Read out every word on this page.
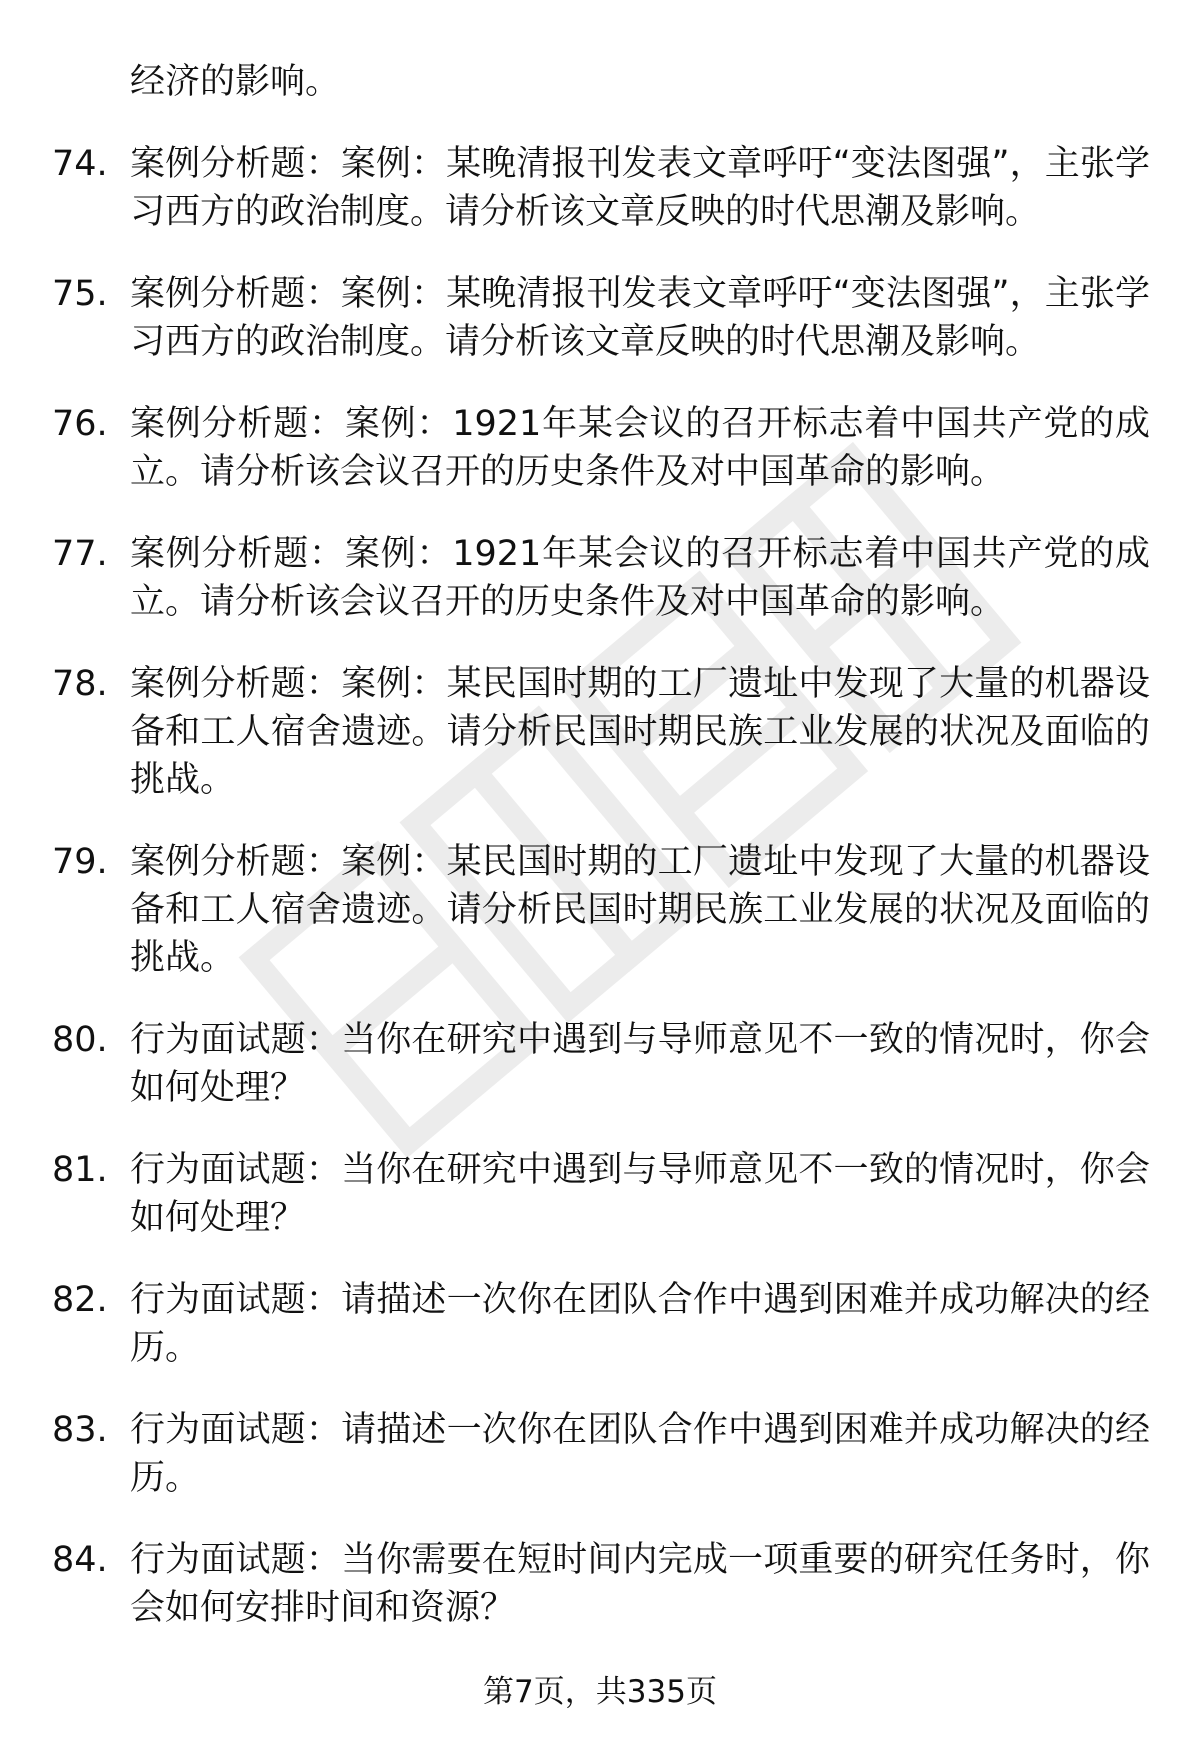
经济的影响。
74. 案例分析题：案例：某晚清报刊发表文章呼吁“变法图强”，主张学习西方的政治制度。请分析该文章反映的时代思潮及影响。
75. 案例分析题：案例：某晚清报刊发表文章呼吁“变法图强”，主张学习西方的政治制度。请分析该文章反映的时代思潮及影响。
76. 案例分析题：案例：1921年某会议的召开标志着中国共产党的成立。请分析该会议召开的历史条件及对中国革命的影响。
77. 案例分析题：案例：1921年某会议的召开标志着中国共产党的成立。请分析该会议召开的历史条件及对中国革命的影响。
78. 案例分析题：案例：某民国时期的工厂遗址中发现了大量的机器设备和工人宿舍遗迹。请分析民国时期民族工业发展的状况及面临的挑战。
79. 案例分析题：案例：某民国时期的工厂遗址中发现了大量的机器设备和工人宿舍遗迹。请分析民国时期民族工业发展的状况及面临的挑战。
80. 行为面试题：当你在研究中遇到与导师意见不一致的情况时，你会如何处理？
81. 行为面试题：当你在研究中遇到与导师意见不一致的情况时，你会如何处理？
82. 行为面试题：请描述一次你在团队合作中遇到困难并成功解决的经历。
83. 行为面试题：请描述一次你在团队合作中遇到困难并成功解决的经历。
84. 行为面试题：当你需要在短时间内完成一项重要的研究任务时，你会如何安排时间和资源？
第7页，共335页
